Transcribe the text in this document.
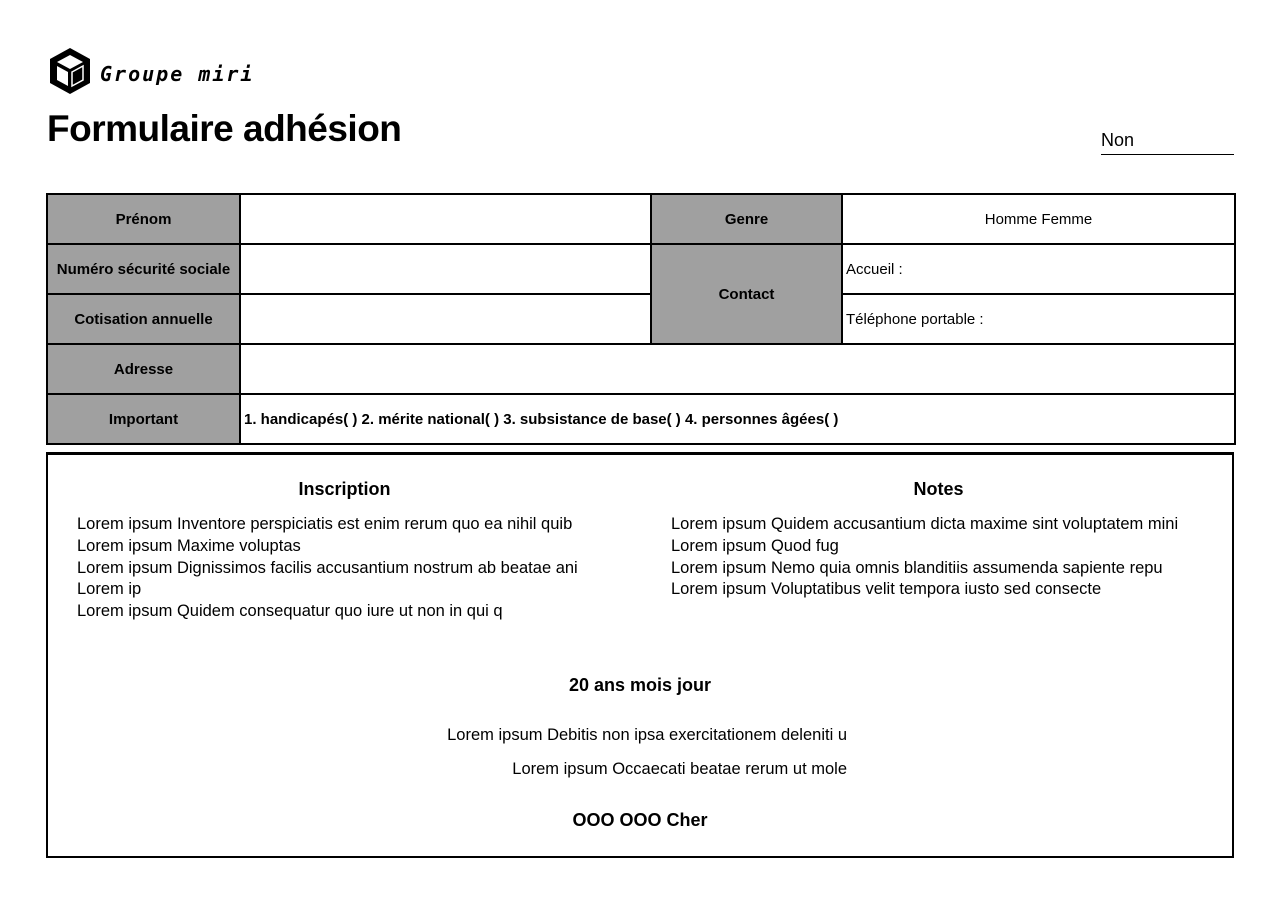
Groupe miri
Formulaire adhésion	Non
Prénom		Genre	Homme Femme
Numéro sécurité sociale		Contact	Accueil :
Cotisation annuelle			Téléphone portable :
Adresse			
Important	1. handicapés( ) 2. mérite national( ) 3. subsistance de base( ) 4. personnes âgées( )		
Inscription
Lorem ipsum Inventore perspiciatis est enim rerum quo ea nihil quib
Lorem ipsum Maxime voluptas
Lorem ipsum Dignissimos facilis accusantium nostrum ab beatae ani
Lorem ip
Lorem ipsum Quidem consequatur quo iure ut non in qui q
Notes
Lorem ipsum Quidem accusantium dicta maxime sint voluptatem mini
Lorem ipsum Quod fug
Lorem ipsum Nemo quia omnis blanditiis assumenda sapiente repu
Lorem ipsum Voluptatibus velit tempora iusto sed consecte
20 ans mois jour
Lorem ipsum Debitis non ipsa exercitationem deleniti u
Lorem ipsum Occaecati beatae rerum ut mole
OOO OOO Cher
